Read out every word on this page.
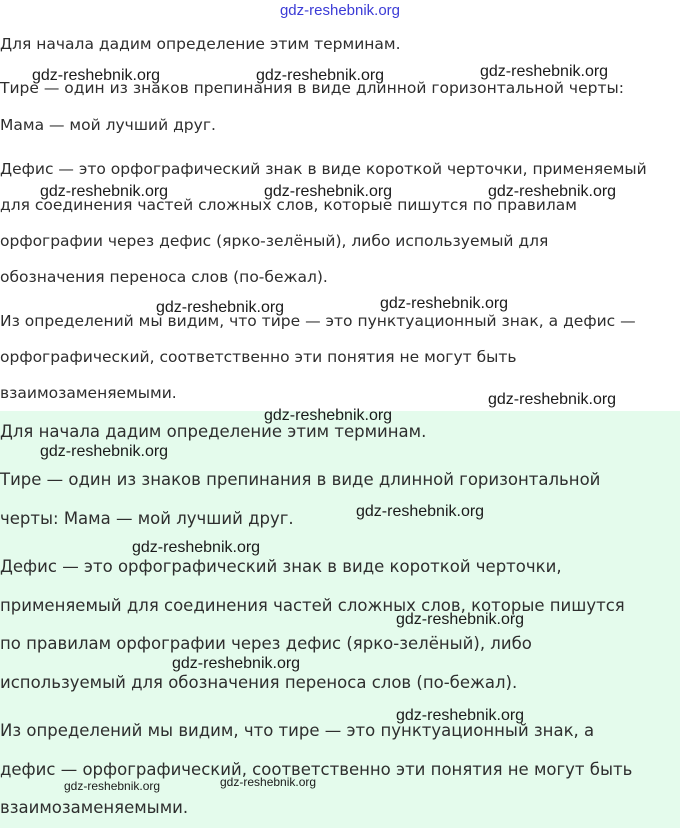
gdz-reshebnik.org
Для начала дадим определение этим терминам.
Тире — один из знаков препинания в виде длинной горизонтальной черты:
Мама — мой лучший друг.
Дефис — это орфографический знак в виде короткой черточки, применяемый
для соединения частей сложных слов, которые пишутся по правилам
орфографии через дефис (ярко-зелёный), либо используемый для
обозначения переноса слов (по-бежал).
Из определений мы видим, что тире — это пунктуационный знак, а дефис —
орфографический, соответственно эти понятия не могут быть
взаимозаменяемыми.
Для начала дадим определение этим терминам.
Тире — один из знаков препинания в виде длинной горизонтальной
черты: Мама — мой лучший друг.
Дефис — это орфографический знак в виде короткой черточки,
применяемый для соединения частей сложных слов, которые пишутся
по правилам орфографии через дефис (ярко-зелёный), либо
используемый для обозначения переноса слов (по-бежал).
Из определений мы видим, что тире — это пунктуационный знак, а
дефис — орфографический, соответственно эти понятия не могут быть
взаимозаменяемыми.
gdz-reshebnik.org	gdz-reshebnik.org	gdz-reshebnik.org
gdz-reshebnik.org	gdz-reshebnik.org	gdz-reshebnik.org
gdz-reshebnik.org	gdz-reshebnik.org
gdz-reshebnik.org
gdz-reshebnik.org
gdz-reshebnik.org
gdz-reshebnik.org
gdz-reshebnik.org
gdz-reshebnik.org
gdz-reshebnik.org
gdz-reshebnik.org
gdz-reshebnik.org	gdz-reshebnik.org
